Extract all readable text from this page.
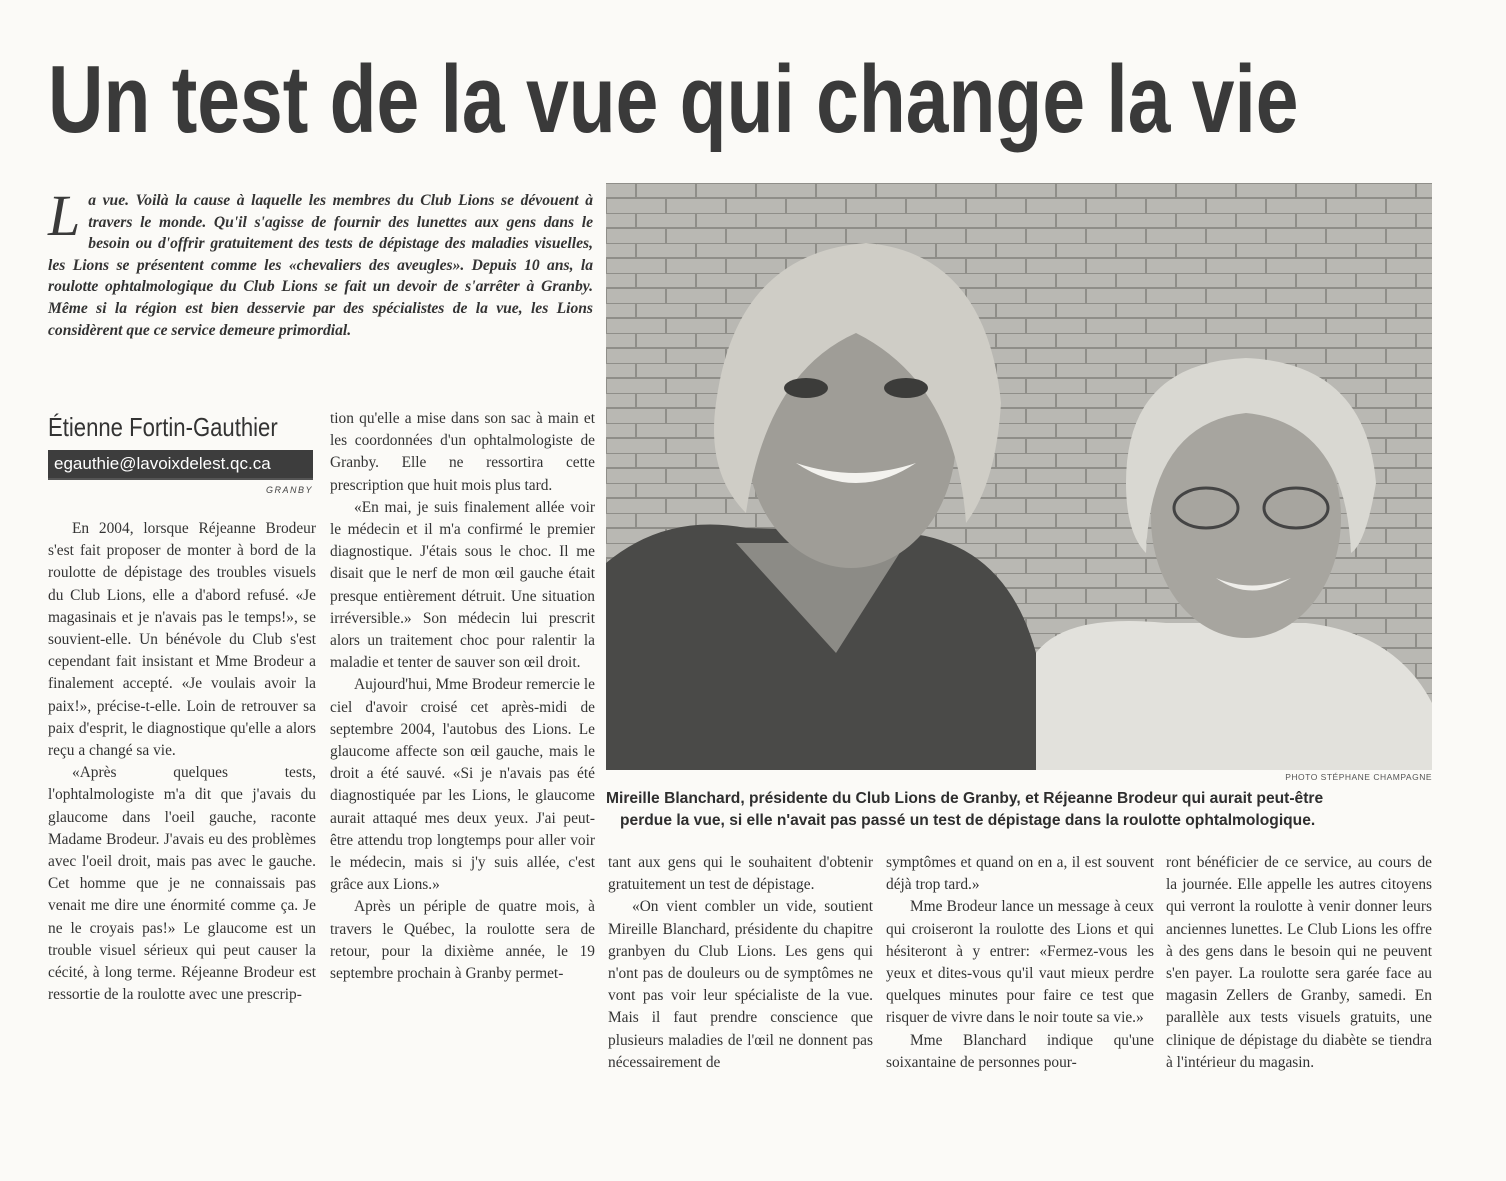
Un test de la vue qui change la vie
La vue. Voilà la cause à laquelle les membres du Club Lions se dévouent à travers le monde. Qu'il s'agisse de fournir des lunettes aux gens dans le besoin ou d'offrir gratuitement des tests de dépistage des maladies visuelles, les Lions se présentent comme les «chevaliers des aveugles». Depuis 10 ans, la roulotte ophtalmologique du Club Lions se fait un devoir de s'arrêter à Granby. Même si la région est bien desservie par des spécialistes de la vue, les Lions considèrent que ce service demeure primordial.
Étienne Fortin-Gauthier
egauthie@lavoixdelest.qc.ca
GRANBY

En 2004, lorsque Réjeanne Brodeur s'est fait proposer de monter à bord de la roulotte de dépistage des troubles visuels du Club Lions, elle a d'abord refusé. «Je magasinais et je n'avais pas le temps!», se souvient-elle. Un bénévole du Club s'est cependant fait insistant et Mme Brodeur a finalement accepté. «Je voulais avoir la paix!», précise-t-elle. Loin de retrouver sa paix d'esprit, le diagnostique qu'elle a alors reçu a changé sa vie.

«Après quelques tests, l'ophtalmologiste m'a dit que j'avais du glaucome dans l'oeil gauche, raconte Madame Brodeur. J'avais eu des problèmes avec l'oeil droit, mais pas avec le gauche. Cet homme que je ne connaissais pas venait me dire une énormité comme ça. Je ne le croyais pas!» Le glaucome est un trouble visuel sérieux qui peut causer la cécité, à long terme. Réjeanne Brodeur est ressortie de la roulotte avec une prescrip-

tion qu'elle a mise dans son sac à main et les coordonnées d'un ophtalmologiste de Granby. Elle ne ressortira cette prescription que huit mois plus tard.

«En mai, je suis finalement allée voir le médecin et il m'a confirmé le premier diagnostique. J'étais sous le choc. Il me disait que le nerf de mon œil gauche était presque entièrement détruit. Une situation irréversible.» Son médecin lui prescrit alors un traitement choc pour ralentir la maladie et tenter de sauver son œil droit.

Aujourd'hui, Mme Brodeur remercie le ciel d'avoir croisé cet après-midi de septembre 2004, l'autobus des Lions. Le glaucome affecte son œil gauche, mais le droit a été sauvé. «Si je n'avais pas été diagnostiquée par les Lions, le glaucome aurait attaqué mes deux yeux. J'ai peut-être attendu trop longtemps pour aller voir le médecin, mais si j'y suis allée, c'est grâce aux Lions.»

Après un périple de quatre mois, à travers le Québec, la roulotte sera de retour, pour la dixième année, le 19 septembre prochain à Granby permet-

PHOTO STÉPHANE CHAMPAGNE
Mireille Blanchard, présidente du Club Lions de Granby, et Réjeanne Brodeur qui aurait peut-être
perdue la vue, si elle n'avait pas passé un test de dépistage dans la roulotte ophtalmologique.

tant aux gens qui le souhaitent d'obtenir gratuitement un test de dépistage.

«On vient combler un vide, soutient Mireille Blanchard, présidente du chapitre granbyen du Club Lions. Les gens qui n'ont pas de douleurs ou de symptômes ne vont pas voir leur spécialiste de la vue. Mais il faut prendre conscience que plusieurs maladies de l'œil ne donnent pas nécessairement de

symptômes et quand on en a, il est souvent déjà trop tard.»

Mme Brodeur lance un message à ceux qui croiseront la roulotte des Lions et qui hésiteront à y entrer: «Fermez-vous les yeux et dites-vous qu'il vaut mieux perdre quelques minutes pour faire ce test que risquer de vivre dans le noir toute sa vie.»

Mme Blanchard indique qu'une soixantaine de personnes pour-

ront bénéficier de ce service, au cours de la journée. Elle appelle les autres citoyens qui verront la roulotte à venir donner leurs anciennes lunettes. Le Club Lions les offre à des gens dans le besoin qui ne peuvent s'en payer. La roulotte sera garée face au magasin Zellers de Granby, samedi. En parallèle aux tests visuels gratuits, une clinique de dépistage du diabète se tiendra à l'intérieur du magasin.
